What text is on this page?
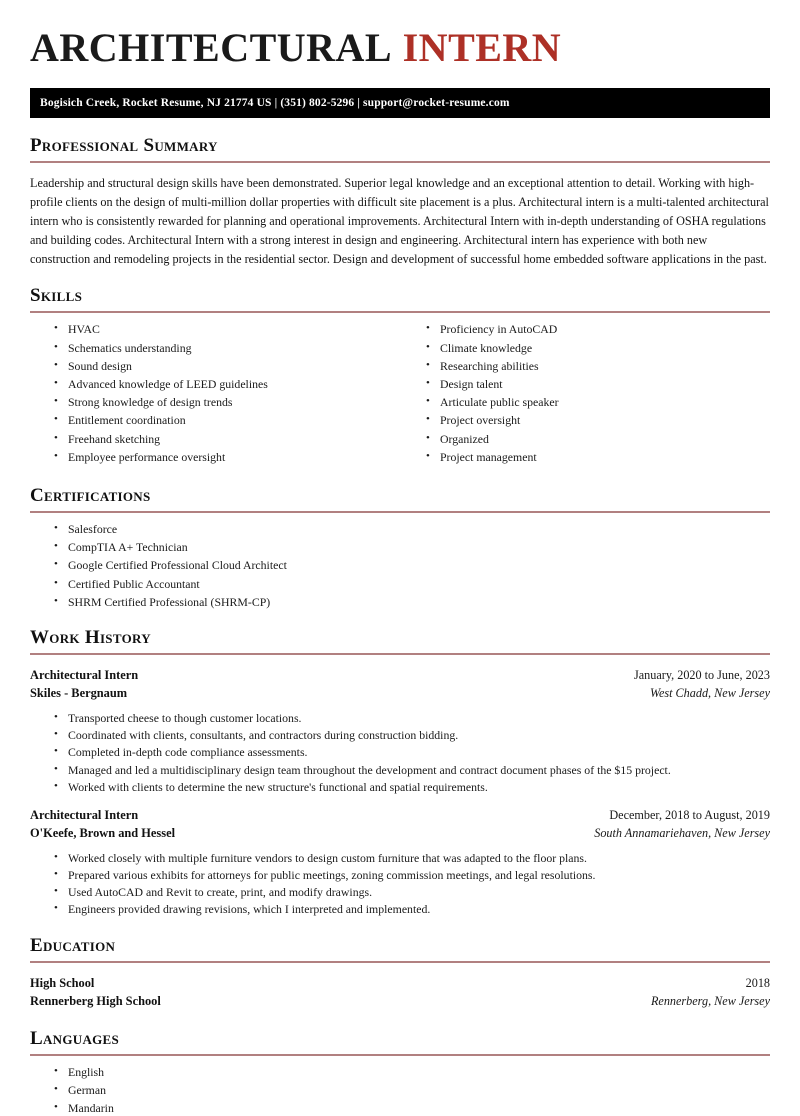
ARCHITECTURAL INTERN
Bogisich Creek, Rocket Resume, NJ 21774 US | (351) 802-5296 | support@rocket-resume.com
Professional Summary

Leadership and structural design skills have been demonstrated. Superior legal knowledge and an exceptional attention to detail. Working with high-profile clients on the design of multi-million dollar properties with difficult site placement is a plus. Architectural intern is a multi-talented architectural intern who is consistently rewarded for planning and operational improvements. Architectural Intern with in-depth understanding of OSHA regulations and building codes. Architectural Intern with a strong interest in design and engineering. Architectural intern has experience with both new construction and remodeling projects in the residential sector. Design and development of successful home embedded software applications in the past.

Skills
• HVAC
• Schematics understanding
• Sound design
• Advanced knowledge of LEED guidelines
• Strong knowledge of design trends
• Entitlement coordination
• Freehand sketching
• Employee performance oversight
• Proficiency in AutoCAD
• Climate knowledge
• Researching abilities
• Design talent
• Articulate public speaker
• Project oversight
• Organized
• Project management
Certifications
• Salesforce
• CompTIA A+ Technician
• Google Certified Professional Cloud Architect
• Certified Public Accountant
• SHRM Certified Professional (SHRM-CP)
Work History
Architectural Intern	January, 2020 to June, 2023
Skiles - Bergnaum	West Chadd, New Jersey
• Transported cheese to though customer locations.
• Coordinated with clients, consultants, and contractors during construction bidding.
• Completed in-depth code compliance assessments.
• Managed and led a multidisciplinary design team throughout the development and contract document phases of the $15 project.
• Worked with clients to determine the new structure's functional and spatial requirements.
Architectural Intern	December, 2018 to August, 2019
O'Keefe, Brown and Hessel	South Annamariehaven, New Jersey
• Worked closely with multiple furniture vendors to design custom furniture that was adapted to the floor plans.
• Prepared various exhibits for attorneys for public meetings, zoning commission meetings, and legal resolutions.
• Used AutoCAD and Revit to create, print, and modify drawings.
• Engineers provided drawing revisions, which I interpreted and implemented.
Education
High School	2018
Rennerberg High School	Rennerberg, New Jersey
Languages
• English
• German
• Mandarin
